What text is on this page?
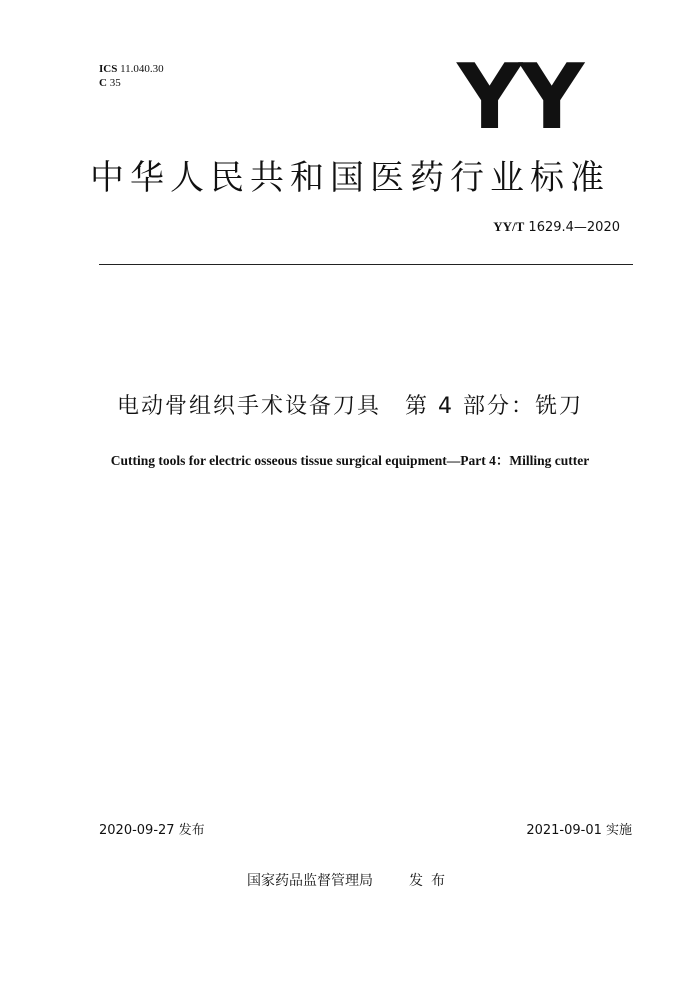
ICS 11.040.30
C 35	YY
中华人民共和国医药行业标准
YY/T 1629.4—2020
电动骨组织手术设备刀具　第 4 部分：铣刀
Cutting tools for electric osseous tissue surgical equipment—Part 4：Milling cutter
2020-09-27 发布	2021-09-01 实施
国家药品监督管理局	发布
